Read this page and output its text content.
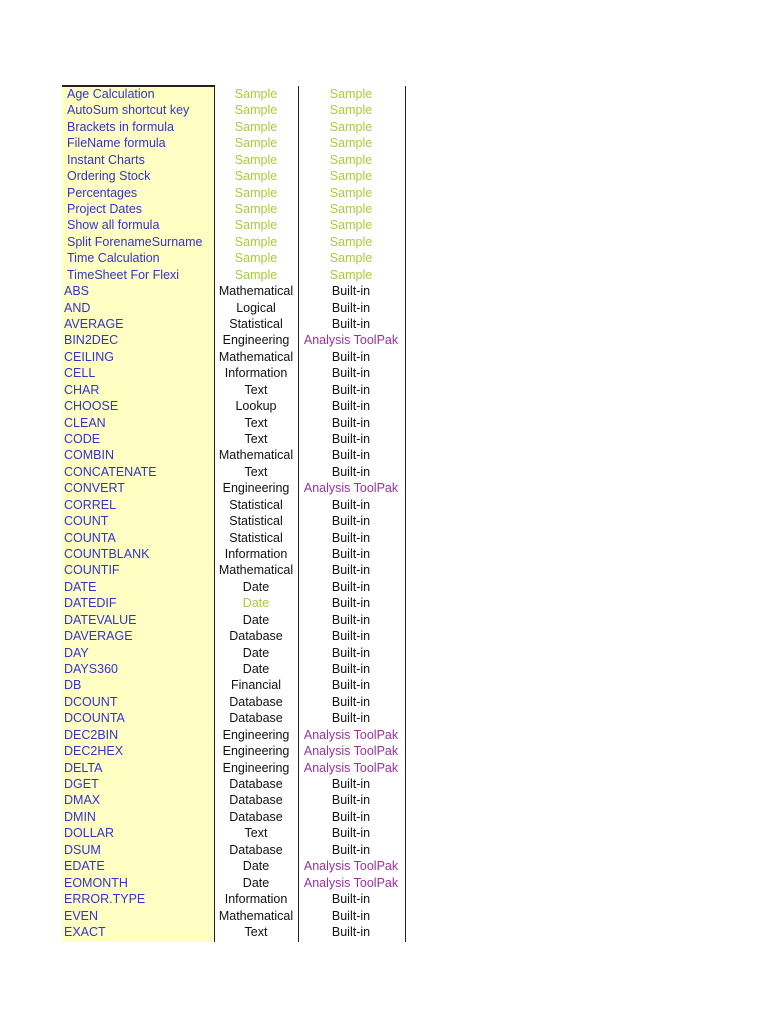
Age Calculation	Sample	Sample
AutoSum shortcut key	Sample	Sample
Brackets in formula	Sample	Sample
FileName formula	Sample	Sample
Instant Charts	Sample	Sample
Ordering Stock	Sample	Sample
Percentages	Sample	Sample
Project Dates	Sample	Sample
Show all formula	Sample	Sample
Split ForenameSurname	Sample	Sample
Time Calculation	Sample	Sample
TimeSheet For Flexi	Sample	Sample
ABS	Mathematical	Built-in
AND	Logical	Built-in
AVERAGE	Statistical	Built-in
BIN2DEC	Engineering	Analysis ToolPak
CEILING	Mathematical	Built-in
CELL	Information	Built-in
CHAR	Text	Built-in
CHOOSE	Lookup	Built-in
CLEAN	Text	Built-in
CODE	Text	Built-in
COMBIN	Mathematical	Built-in
CONCATENATE	Text	Built-in
CONVERT	Engineering	Analysis ToolPak
CORREL	Statistical	Built-in
COUNT	Statistical	Built-in
COUNTA	Statistical	Built-in
COUNTBLANK	Information	Built-in
COUNTIF	Mathematical	Built-in
DATE	Date	Built-in
DATEDIF	Date	Built-in
DATEVALUE	Date	Built-in
DAVERAGE	Database	Built-in
DAY	Date	Built-in
DAYS360	Date	Built-in
DB	Financial	Built-in
DCOUNT	Database	Built-in
DCOUNTA	Database	Built-in
DEC2BIN	Engineering	Analysis ToolPak
DEC2HEX	Engineering	Analysis ToolPak
DELTA	Engineering	Analysis ToolPak
DGET	Database	Built-in
DMAX	Database	Built-in
DMIN	Database	Built-in
DOLLAR	Text	Built-in
DSUM	Database	Built-in
EDATE	Date	Analysis ToolPak
EOMONTH	Date	Analysis ToolPak
ERROR.TYPE	Information	Built-in
EVEN	Mathematical	Built-in
EXACT	Text	Built-in
